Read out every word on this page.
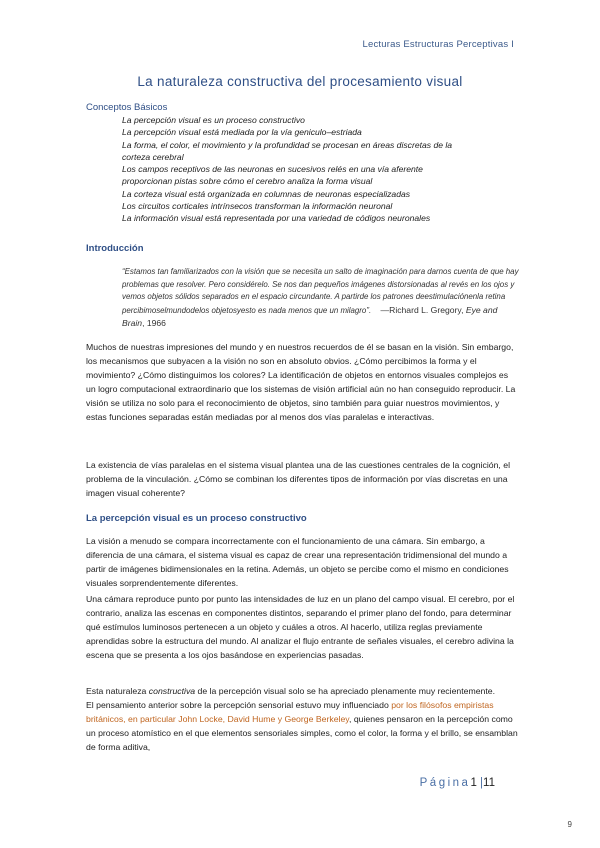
Lecturas Estructuras Perceptivas I
La naturaleza constructiva del procesamiento visual
Conceptos Básicos
La percepción visual es un proceso constructivo
La percepción visual está mediada por la vía geniculo–estriada
La forma, el color, el movimiento y la profundidad se procesan en áreas discretas de la
corteza cerebral
Los campos receptivos de las neuronas en sucesivos relés en una vía aferente
proporcionan pistas sobre cómo el cerebro analiza la forma visual
La corteza visual está organizada en columnas de neuronas especializadas
Los circuitos corticales intrínsecos transforman la información neuronal
La información visual está representada por una variedad de códigos neuronales
Introducción
“Estamos tan familiarizados con la visión que se necesita un salto de imaginación para darnos cuenta de que hay problemas que resolver. Pero considérelo. Se nos dan pequeños imágenes distorsionadas al revés en los ojos y vemos objetos sólidos separados en el espacio circundante. A partirde los patrones deestimulaciónenla retina percibimoselmundodelos objetosyesto es nada menos que un milagro”. —Richard L. Gregory, Eye and Brain, 1966
Muchos de nuestras impresiones del mundo y en nuestros recuerdos de él se basan en la visión. Sin embargo, los mecanismos que subyacen a la visión no son en absoluto obvios. ¿Cómo percibimos la forma y el movimiento? ¿Cómo distinguimos los colores? La identificación de objetos en entornos visuales complejos es un logro computacional extraordinario que los sistemas de visión artificial aún no han conseguido reproducir. La visión se utiliza no solo para el reconocimiento de objetos, sino también para guiar nuestros movimientos, y estas funciones separadas están mediadas por al menos dos vías paralelas e interactivas.
La existencia de vías paralelas en el sistema visual plantea una de las cuestiones centrales de la cognición, el problema de la vinculación. ¿Cómo se combinan los diferentes tipos de información por vías discretas en una imagen visual coherente?
La percepción visual es un proceso constructivo
La visión a menudo se compara incorrectamente con el funcionamiento de una cámara. Sin embargo, a diferencia de una cámara, el sistema visual es capaz de crear una representación tridimensional del mundo a partir de imágenes bidimensionales en la retina. Además, un objeto se percibe como el mismo en condiciones visuales sorprendentemente diferentes.
Una cámara reproduce punto por punto las intensidades de luz en un plano del campo visual. El cerebro, por el contrario, analiza las escenas en componentes distintos, separando el primer plano del fondo, para determinar qué estímulos luminosos pertenecen a un objeto y cuáles a otros. Al hacerlo, utiliza reglas previamente aprendidas sobre la estructura del mundo. Al analizar el flujo entrante de señales visuales, el cerebro adivina la escena que se presenta a los ojos basándose en experiencias pasadas.
Esta naturaleza constructiva de la percepción visual solo se ha apreciado plenamente muy recientemente.
El pensamiento anterior sobre la percepción sensorial estuvo muy influenciado por los filósofos empiristas británicos, en particular John Locke, David Hume y George Berkeley, quienes pensaron en la percepción como un proceso atomístico en el que elementos sensoriales simples, como el color, la forma y el brillo, se ensamblan de forma aditiva,
Página1 |11
9
